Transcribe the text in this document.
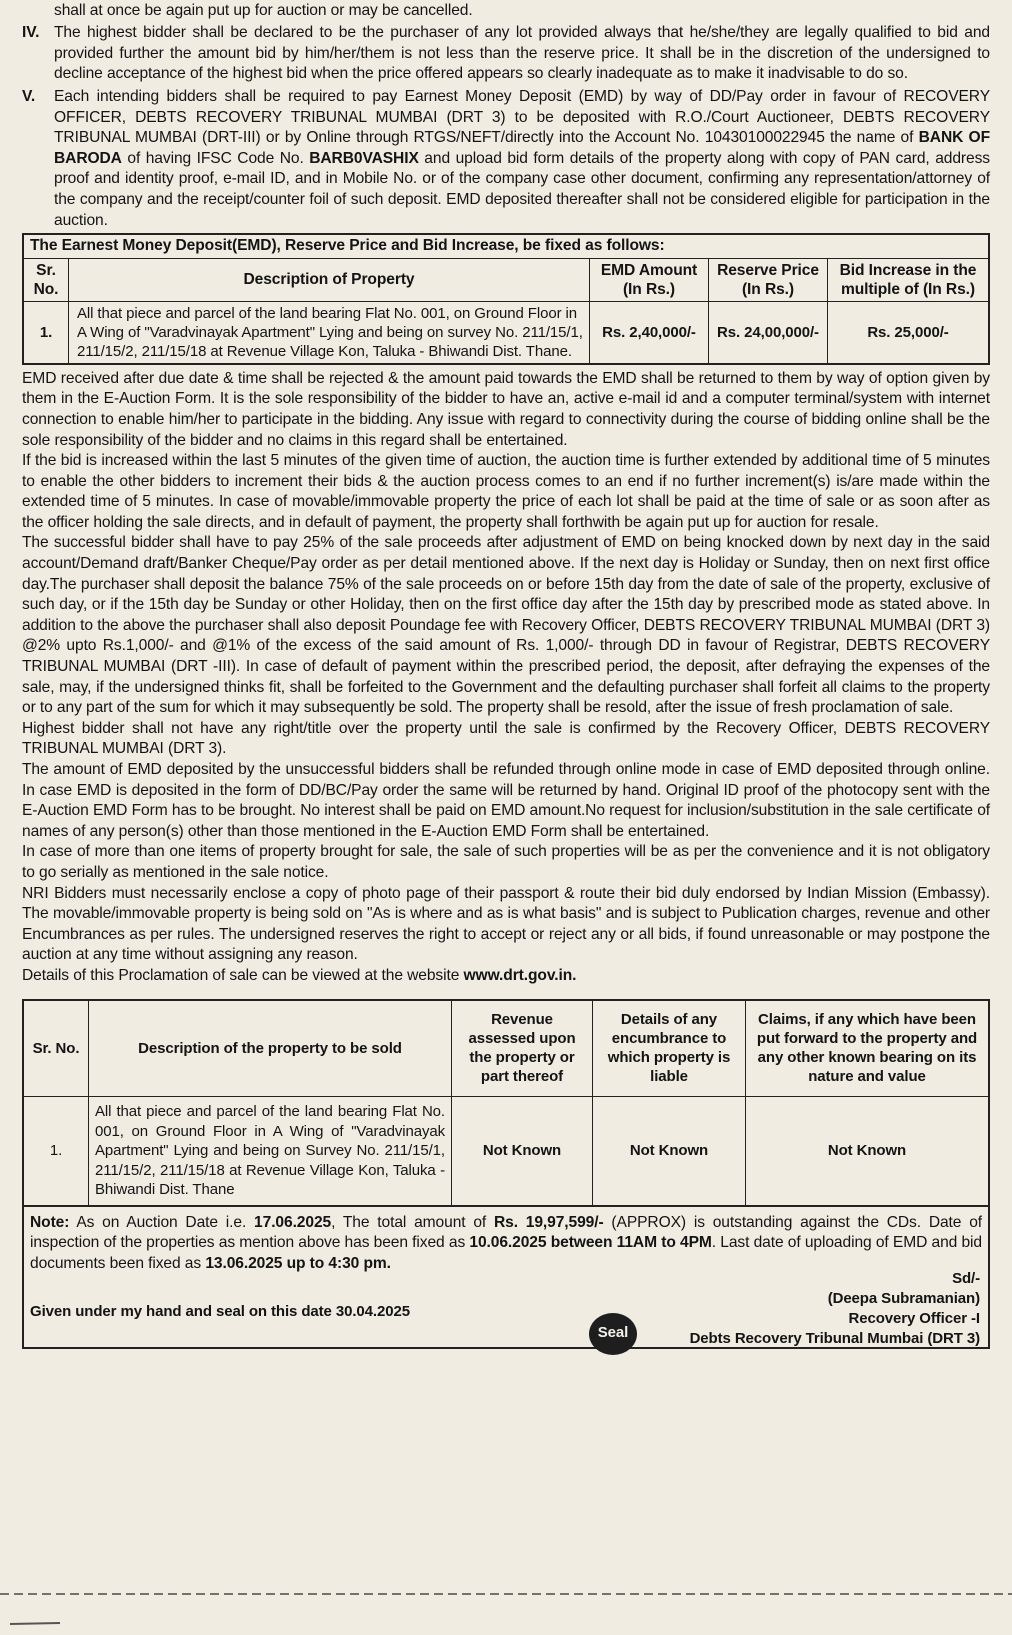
shall at once be again put up for auction or may be cancelled.
IV. The highest bidder shall be declared to be the purchaser of any lot provided always that he/she/they are legally qualified to bid and provided further the amount bid by him/her/them is not less than the reserve price. It shall be in the discretion of the undersigned to decline acceptance of the highest bid when the price offered appears so clearly inadequate as to make it inadvisable to do so.
V.	Each intending bidders shall be required to pay Earnest Money Deposit (EMD) by way of DD/Pay order in favour of RECOVERY OFFICER, DEBTS RECOVERY TRIBUNAL MUMBAI (DRT 3) to be deposited with R.O./Court Auctioneer, DEBTS RECOVERY TRIBUNAL MUMBAI (DRT-III) or by Online through RTGS/NEFT/directly into the Account No. 10430100022945 the name of BANK OF BARODA of having IFSC Code No. BARB0VASHIX and upload bid form details of the property along with copy of PAN card, address proof and identity proof, e-mail ID, and in Mobile No. or of the company case other document, confirming any representation/attorney of the company and the receipt/counter foil of such deposit. EMD deposited thereafter shall not be considered eligible for participation in the auction.
The Earnest Money Deposit(EMD), Reserve Price and Bid Increase, be fixed as follows:
Sr. No.	Description of Property	EMD Amount (In Rs.)	Reserve Price (In Rs.)	Bid Increase in the multiple of (In Rs.)
1.	All that piece and parcel of the land bearing Flat No. 001, on Ground Floor in A Wing of "Varadvinayak Apartment" Lying and being on survey No. 211/15/1, 211/15/2, 211/15/18 at Revenue Village Kon, Taluka - Bhiwandi Dist. Thane.	Rs. 2,40,000/-	Rs. 24,00,000/-	Rs. 25,000/-

EMD received after due date & time shall be rejected & the amount paid towards the EMD shall be returned to them by way of option given by them in the E-Auction Form. It is the sole responsibility of the bidder to have an, active e-mail id and a computer terminal/system with internet connection to enable him/her to participate in the bidding. Any issue with regard to connectivity during the course of bidding online shall be the sole responsibility of the bidder and no claims in this regard shall be entertained.

If the bid is increased within the last 5 minutes of the given time of auction, the auction time is further extended by additional time of 5 minutes to enable the other bidders to increment their bids & the auction process comes to an end if no further increment(s) is/are made within the extended time of 5 minutes. In case of movable/immovable property the price of each lot shall be paid at the time of sale or as soon after as the officer holding the sale directs, and in default of payment, the property shall forthwith be again put up for auction for resale.

The successful bidder shall have to pay 25% of the sale proceeds after adjustment of EMD on being knocked down by next day in the said account/Demand draft/Banker Cheque/Pay order as per detail mentioned above. If the next day is Holiday or Sunday, then on next first office day.The purchaser shall deposit the balance 75% of the sale proceeds on or before 15th day from the date of sale of the property, exclusive of such day, or if the 15th day be Sunday or other Holiday, then on the first office day after the 15th day by prescribed mode as stated above. In addition to the above the purchaser shall also deposit Poundage fee with Recovery Officer, DEBTS RECOVERY TRIBUNAL MUMBAI (DRT 3) @2% upto Rs.1,000/- and @1% of the excess of the said amount of Rs. 1,000/- through DD in favour of Registrar, DEBTS RECOVERY TRIBUNAL MUMBAI (DRT -III). In case of default of payment within the prescribed period, the deposit, after defraying the expenses of the sale, may, if the undersigned thinks fit, shall be forfeited to the Government and the defaulting purchaser shall forfeit all claims to the property or to any part of the sum for which it may subsequently be sold. The property shall be resold, after the issue of fresh proclamation of sale.

Highest bidder shall not have any right/title over the property until the sale is confirmed by the Recovery Officer, DEBTS RECOVERY TRIBUNAL MUMBAI (DRT 3).

The amount of EMD deposited by the unsuccessful bidders shall be refunded through online mode in case of EMD deposited through online. In case EMD is deposited in the form of DD/BC/Pay order the same will be returned by hand. Original ID proof of the photocopy sent with the E-Auction EMD Form has to be brought. No interest shall be paid on EMD amount.No request for inclusion/substitution in the sale certificate of names of any person(s) other than those mentioned in the E-Auction EMD Form shall be entertained.

In case of more than one items of property brought for sale, the sale of such properties will be as per the convenience and it is not obligatory to go serially as mentioned in the sale notice.

NRI Bidders must necessarily enclose a copy of photo page of their passport & route their bid duly endorsed by Indian Mission (Embassy). The movable/immovable property is being sold on "As is where and as is what basis" and is subject to Publication charges, revenue and other Encumbrances as per rules. The undersigned reserves the right to accept or reject any or all bids, if found unreasonable or may postpone the auction at any time without assigning any reason.

Details of this Proclamation of sale can be viewed at the website www.drt.gov.in.

Sr. No.	Description of the property to be sold	Revenue assessed upon the property or part thereof	Details of any encumbrance to which property is liable	Claims, if any which have been put forward to the property and any other known bearing on its nature and value
1.	All that piece and parcel of the land bearing Flat No. 001, on Ground Floor in A Wing of "Varadvinayak Apartment" Lying and being on Survey No. 211/15/1, 211/15/2, 211/15/18 at Revenue Village Kon, Taluka - Bhiwandi Dist. Thane	Not Known	Not Known	Not Known

Note: As on Auction Date i.e. 17.06.2025, The total amount of Rs. 19,97,599/- (APPROX) is outstanding against the CDs. Date of inspection of the properties as mention above has been fixed as 10.06.2025 between 11AM to 4PM. Last date of uploading of EMD and bid documents been fixed as 13.06.2025 up to 4:30 pm.

Given under my hand and seal on this date 30.04.2025
Seal
Sd/-
(Deepa Subramanian)
Recovery Officer -I
Debts Recovery Tribunal Mumbai (DRT 3)
